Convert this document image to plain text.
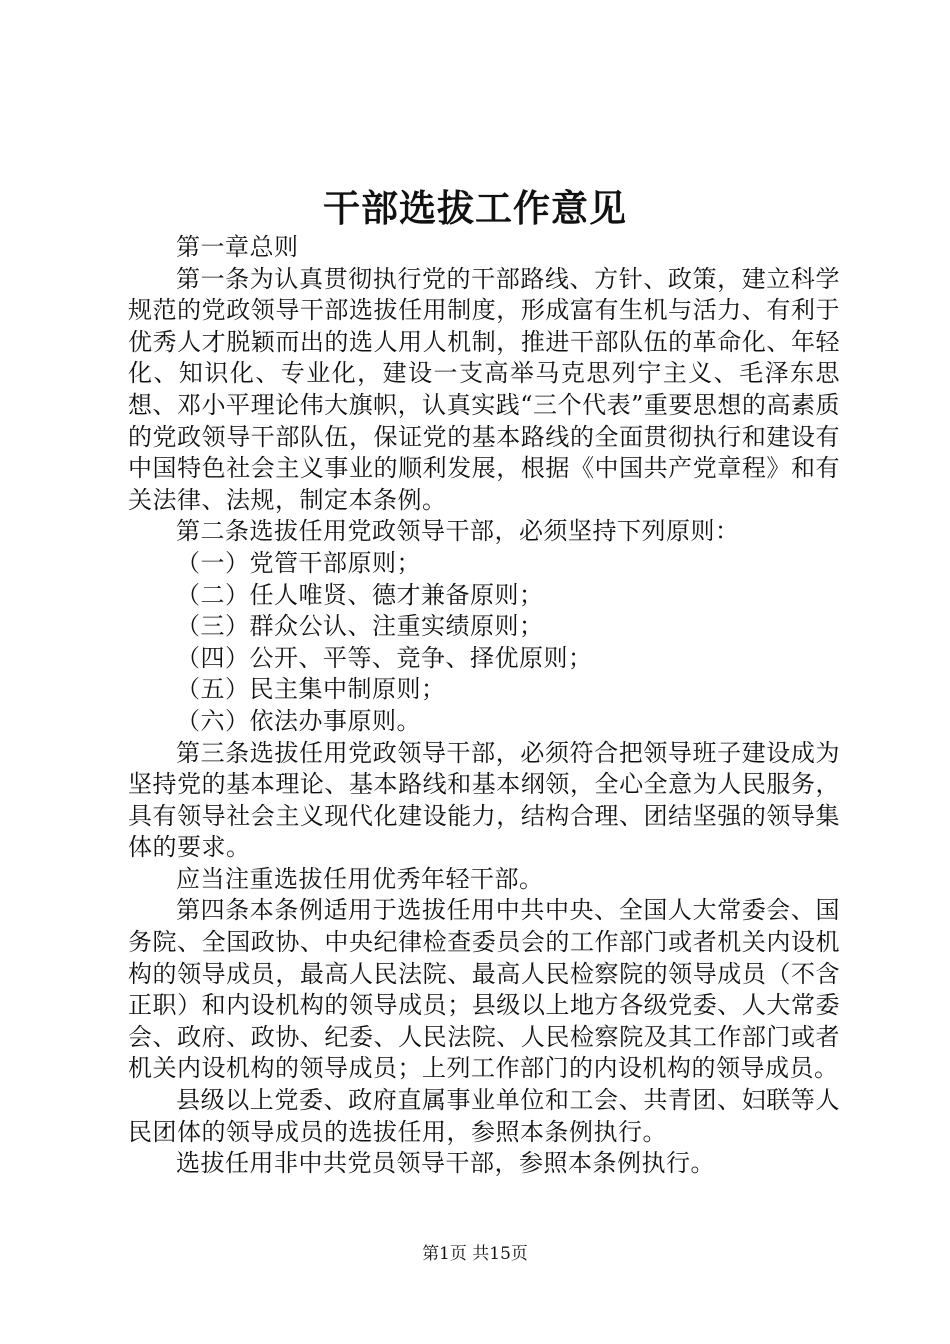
干部选拔工作意见

第一章总则

第一条为认真贯彻执行党的干部路线、方针、政策，建立科学规范的党政领导干部选拔任用制度，形成富有生机与活力、有利于优秀人才脱颖而出的选人用人机制，推进干部队伍的革命化、年轻化、知识化、专业化，建设一支高举马克思列宁主义、毛泽东思想、邓小平理论伟大旗帜，认真实践“三个代表”重要思想的高素质的党政领导干部队伍，保证党的基本路线的全面贯彻执行和建设有中国特色社会主义事业的顺利发展，根据《中国共产党章程》和有关法律、法规，制定本条例。

第二条选拔任用党政领导干部，必须坚持下列原则：

（一）党管干部原则；

（二）任人唯贤、德才兼备原则；

（三）群众公认、注重实绩原则；

（四）公开、平等、竞争、择优原则；

（五）民主集中制原则；

（六）依法办事原则。

第三条选拔任用党政领导干部，必须符合把领导班子建设成为坚持党的基本理论、基本路线和基本纲领，全心全意为人民服务，具有领导社会主义现代化建设能力，结构合理、团结坚强的领导集体的要求。

应当注重选拔任用优秀年轻干部。

第四条本条例适用于选拔任用中共中央、全国人大常委会、国务院、全国政协、中央纪律检查委员会的工作部门或者机关内设机构的领导成员，最高人民法院、最高人民检察院的领导成员（不含正职）和内设机构的领导成员；县级以上地方各级党委、人大常委会、政府、政协、纪委、人民法院、人民检察院及其工作部门或者机关内设机构的领导成员；上列工作部门的内设机构的领导成员。

县级以上党委、政府直属事业单位和工会、共青团、妇联等人民团体的领导成员的选拔任用，参照本条例执行。

选拔任用非中共党员领导干部，参照本条例执行。

第1页 共15页
